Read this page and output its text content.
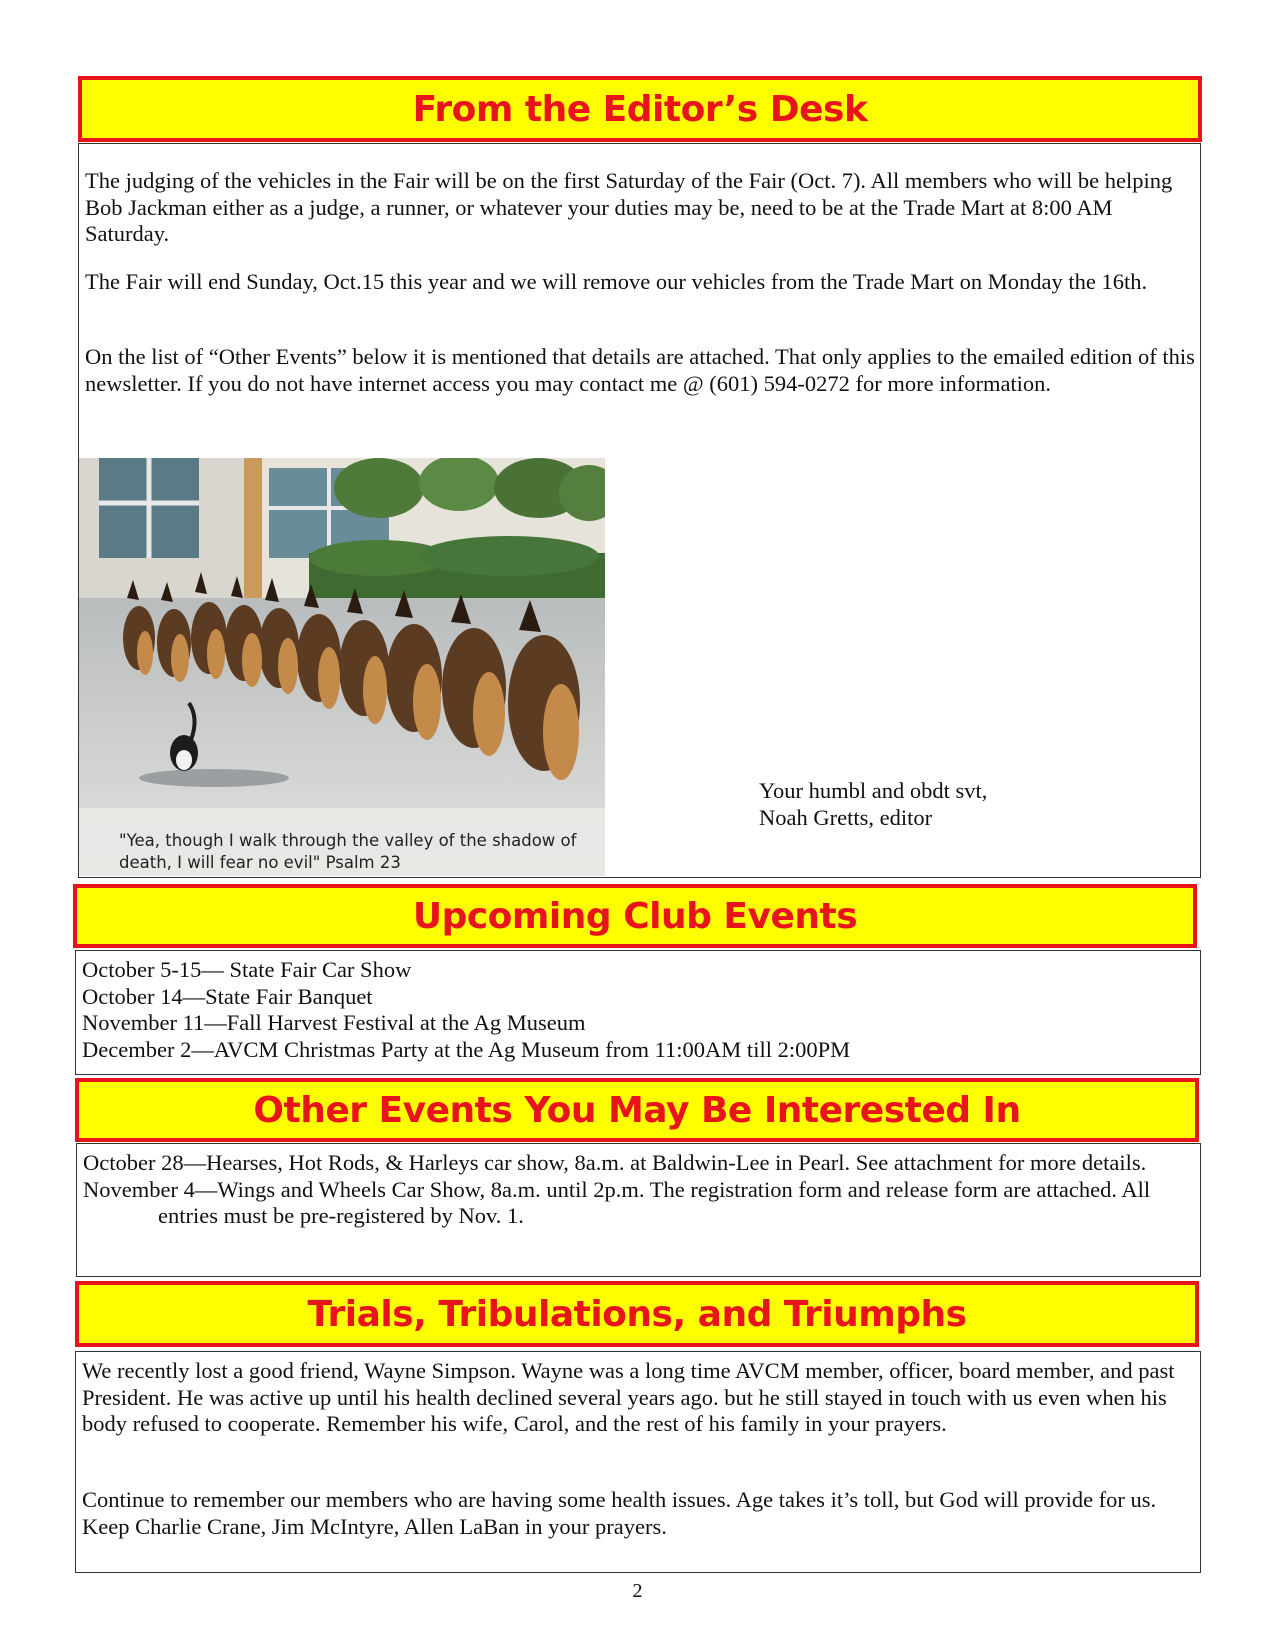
From the Editor’s Desk

The judging of the vehicles in the Fair will be on the first Saturday of the Fair (Oct. 7). All members who will be helping Bob Jackman either as a judge, a runner, or whatever your duties may be, need to be at the Trade Mart at 8:00 AM Saturday.

The Fair will end Sunday, Oct.15 this year and we will remove our vehicles from the Trade Mart on Monday the 16th.

On the list of “Other Events” below it is mentioned that details are attached. That only applies to the emailed edition of this newsletter. If you do not have internet access you may contact me @ (601) 594-0272 for more information.

"Yea, though I walk through the valley of the shadow of
death, I will fear no evil" Psalm 23
Your humbl and obdt svt,
Noah Gretts, editor
Upcoming Club Events

October 5-15— State Fair Car Show

October 14—State Fair Banquet

November 11—Fall Harvest Festival at the Ag Museum

December 2—AVCM Christmas Party at the Ag Museum from 11:00AM till 2:00PM

Other Events You May Be Interested In

October 28—Hearses, Hot Rods, & Harleys car show, 8a.m. at Baldwin-Lee in Pearl. See attachment for more details.

November 4—Wings and Wheels Car Show, 8a.m. until 2p.m. The registration form and release form are attached. All entries must be pre-registered by Nov. 1.

Trials, Tribulations, and Triumphs

We recently lost a good friend, Wayne Simpson. Wayne was a long time AVCM member, officer, board member, and past President. He was active up until his health declined several years ago. but he still stayed in touch with us even when his body refused to cooperate. Remember his wife, Carol, and the rest of his family in your prayers.

Continue to remember our members who are having some health issues. Age takes it’s toll, but God will provide for us. Keep Charlie Crane, Jim McIntyre, Allen LaBan in your prayers.

2
